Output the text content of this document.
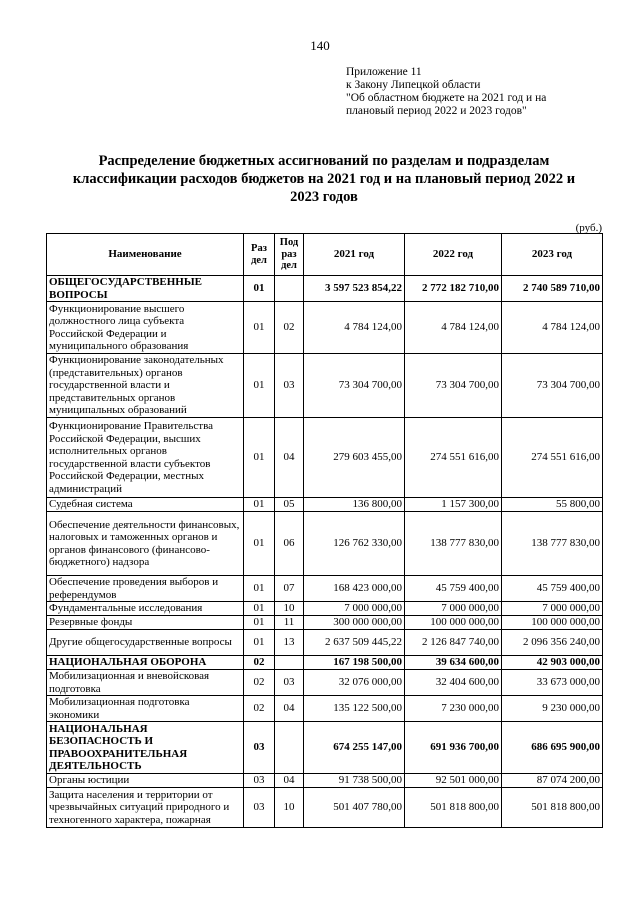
140
Приложение 11
к Закону Липецкой области
"Об областном бюджете на 2021 год и на
плановый период 2022 и 2023 годов"
Распределение бюджетных ассигнований по разделам и подразделам классификации расходов бюджетов на 2021 год и на плановый период 2022 и 2023 годов
(руб.)
Наименование	Раз дел	Под раз дел	2021 год	2022 год	2023 год
ОБЩЕГОСУДАРСТВЕННЫЕ ВОПРОСЫ	01		3 597 523 854,22	2 772 182 710,00	2 740 589 710,00
Функционирование высшего должностного лица субъекта Российской Федерации и муниципального образования	01	02	4 784 124,00	4 784 124,00	4 784 124,00
Функционирование законодательных (представительных) органов государственной власти и представительных органов муниципальных образований	01	03	73 304 700,00	73 304 700,00	73 304 700,00
Функционирование Правительства Российской Федерации, высших исполнительных органов государственной власти субъектов Российской Федерации, местных администраций	01	04	279 603 455,00	274 551 616,00	274 551 616,00
Судебная система	01	05	136 800,00	1 157 300,00	55 800,00
Обеспечение деятельности финансовых, налоговых и таможенных органов и органов финансового (финансово-бюджетного) надзора	01	06	126 762 330,00	138 777 830,00	138 777 830,00
Обеспечение проведения выборов и референдумов	01	07	168 423 000,00	45 759 400,00	45 759 400,00
Фундаментальные исследования	01	10	7 000 000,00	7 000 000,00	7 000 000,00
Резервные фонды	01	11	300 000 000,00	100 000 000,00	100 000 000,00
Другие общегосударственные вопросы	01	13	2 637 509 445,22	2 126 847 740,00	2 096 356 240,00
НАЦИОНАЛЬНАЯ ОБОРОНА	02		167 198 500,00	39 634 600,00	42 903 000,00
Мобилизационная и вневойсковая подготовка	02	03	32 076 000,00	32 404 600,00	33 673 000,00
Мобилизационная подготовка экономики	02	04	135 122 500,00	7 230 000,00	9 230 000,00
НАЦИОНАЛЬНАЯ БЕЗОПАСНОСТЬ И ПРАВООХРАНИТЕЛЬНАЯ ДЕЯТЕЛЬНОСТЬ	03		674 255 147,00	691 936 700,00	686 695 900,00
Органы юстиции	03	04	91 738 500,00	92 501 000,00	87 074 200,00
Защита населения и территории от чрезвычайных ситуаций природного и техногенного характера, пожарная	03	10	501 407 780,00	501 818 800,00	501 818 800,00
